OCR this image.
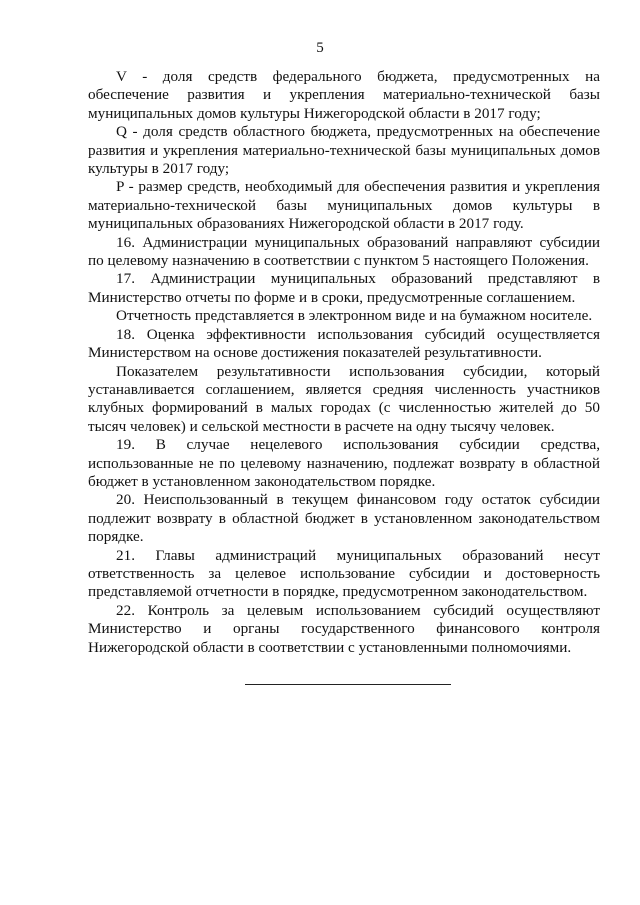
5

V - доля средств федерального бюджета, предусмотренных на обеспечение развития и укрепления материально-технической базы муниципальных домов культуры Нижегородской области в 2017 году;

Q - доля средств областного бюджета, предусмотренных на обеспечение развития и укрепления материально-технической базы муниципальных домов культуры в 2017 году;

P - размер средств, необходимый для обеспечения развития и укрепления материально-технической базы муниципальных домов культуры в муниципальных образованиях Нижегородской области в 2017 году.

16. Администрации муниципальных образований направляют субсидии по целевому назначению в соответствии с пунктом 5 настоящего Положения.

17. Администрации муниципальных образований представляют в Министерство отчеты по форме и в сроки, предусмотренные соглашением.

Отчетность представляется в электронном виде и на бумажном носителе.

18. Оценка эффективности использования субсидий осуществляется Министерством на основе достижения показателей результативности.

Показателем результативности использования субсидии, который устанавливается соглашением, является средняя численность участников клубных формирований в малых городах (с численностью жителей до 50 тысяч человек) и сельской местности в расчете на одну тысячу человек.

19. В случае нецелевого использования субсидии средства, использованные не по целевому назначению, подлежат возврату в областной бюджет в установленном законодательством порядке.

20. Неиспользованный в текущем финансовом году остаток субсидии подлежит возврату в областной бюджет в установленном законодательством порядке.

21. Главы администраций муниципальных образований несут ответственность за целевое использование субсидии и достоверность представляемой отчетности в порядке, предусмотренном законодательством.

22. Контроль за целевым использованием субсидий осуществляют Министерство и органы государственного финансового контроля Нижегородской области в соответствии с установленными полномочиями.
